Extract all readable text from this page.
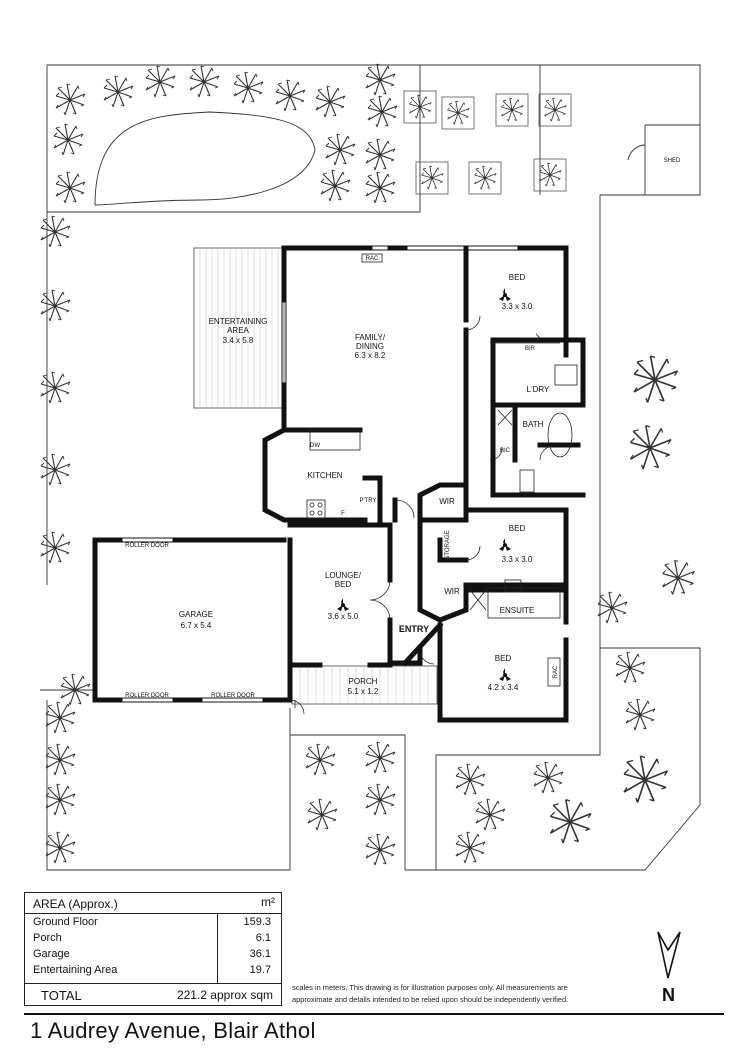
SHED
ENTERTAINING AREA
3.4 x 5.8	FAMILY/ DINING
6.3 x 8.2
BED
3.3 x 3.0
BIR
L'DRY
BATH
BIC
KITCHEN
DW
P'TRY
F
WIR
STORAGE
BED
3.3 x 3.0
WIR
ENSUITE
GARAGE
6.7 x 5.4
LOUNGE/ BED
3.6 x 5.0
ENTRY
PORCH
5.1 x 1.2
BED
4.2 x 3.4
RAC
RAC
ROLLER DOOR
ROLLER DOOR	ROLLER DOOR
AREA (Approx.)	m²
Ground Floor	159.3
Porch	6.1
Garage	36.1
Entertaining Area	19.7
TOTAL	221.2 approx sqm
scales in meters, This drawing is for illustration purposes only. All measurements are
approximate and details intended to be relied upon should be independently verified.	N
1 Audrey Avenue, Blair Athol
